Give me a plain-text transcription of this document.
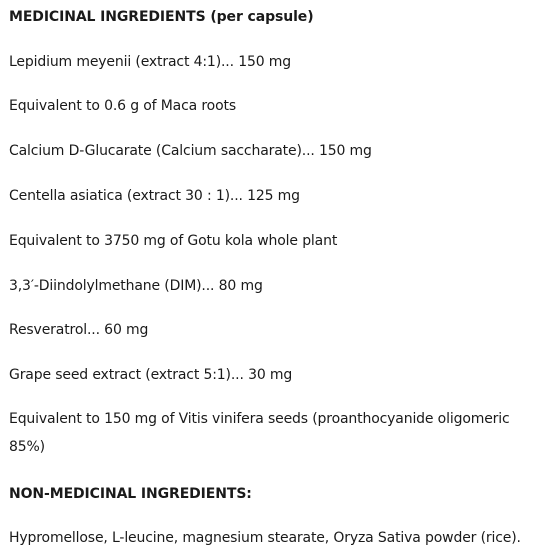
MEDICINAL INGREDIENTS (per capsule)
Lepidium meyenii (extract 4:1)... 150 mg
Equivalent to 0.6 g of Maca roots
Calcium D-Glucarate (Calcium saccharate)... 150 mg
Centella asiatica (extract 30 : 1)... 125 mg
Equivalent to 3750 mg of Gotu kola whole plant
3,3′-Diindolylmethane (DIM)... 80 mg
Resveratrol... 60 mg
Grape seed extract (extract 5:1)... 30 mg
Equivalent to 150 mg of Vitis vinifera seeds (proanthocyanide oligomeric 85%)
NON-MEDICINAL INGREDIENTS:
Hypromellose, L-leucine, magnesium stearate, Oryza Sativa powder (rice).
